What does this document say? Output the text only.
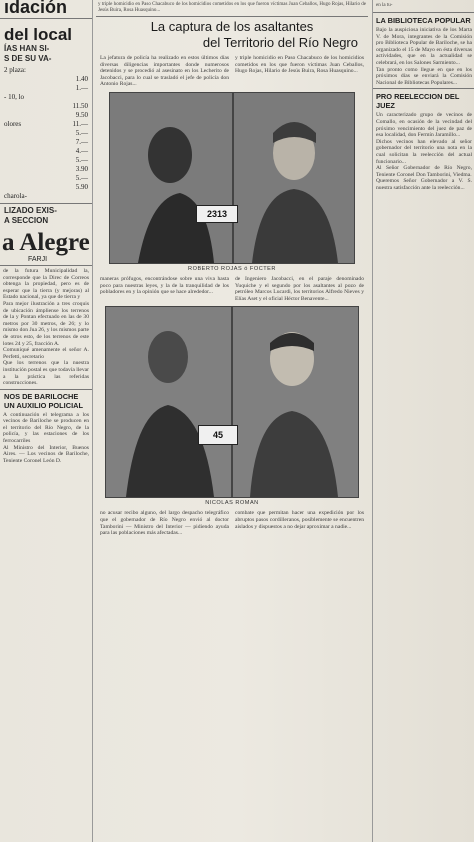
ıdación
del local
ÍAS HAN SI-
S DE SU VA-
2 plaza:
1.40
1.—
- 10, lo
11.50
9.50
olores	11.—
5.—
7.—
4.—
5.—
3.90
5.—
5.90
charola-
LIZADO EXIS-
A SECCION
a Alegre
FARJI

de la futura Municipalidad la, corresponde que la Direc de Correos obtenga la propiedad, pero es de esperar que la tierra (y mejoras) al Estado nacional, ya que de tierra y

Para mejor ilustración a tres croquis de ubicación ámpliense los terrenos de la y Pontan efectuado en las de 30 metros por 30 metros, de 26; y lo mismo don Jua 26, y los mismos parte de otros esto, de los terrenos de este lotes 24 y 25, fracción A.

Comuniqué amenamente el señor A. Perfetti, secretario

Que los terrenos que la nuestra institución postal es que todavía llevar a la práctica las referidas construcciones.

NOS DE BARILOCHE UN AUXILIO POLICIAL

A continuación el telegrama a los vecinos de Bariloche se producen en el territorio del Río Negro, de la policía, y las estaciones de los ferrocarriles

Al Ministro del Interior, Buenos Aires. — Los vecinos de Bariloche, Teniente Coronel León D.

y triple homicidio en Paso Chacabuco de los homicidios cometidos en los que fueron víctimas Juan Ceballos, Hugo Rojas, Hilario de Jesús Buira, Rosa Huasquino...

La captura de los asaltantes
del Territorio del Río Negro

La jefatura de policía ha realizado en estos últimos días diversas diligencias importantes donde numerosos detenidos y se procedió al asesinato en los Lecherito de Jacobacci, para lo cual se trasladó el jefe de policía don Antonio Rojas...

y triple homicidio en Paso Chacabuco de los homicidios cometidos en los que fueron víctimas Juan Ceballos, Hugo Rojas, Hilario de Jesús Buira, Rosa Huasquino...

2313
ROBERTO ROJAS ó FOCTER

maneras prófugos, encontrándose sobre una viva hasta poco para nuestras leyes, y la de la tranquilidad de los pobladores en y la opinión que se hace alrededor...

de Ingeniero Jacobacci, en el paraje denominado Yuquiche y el segundo por los asaltantes al pozo de petróleo Marcos Lucardi, los territorios Alfredo Nieves y Elías Aset y el oficial Héctor Benavente...

45
NICOLAS ROMAN

no acusar recibo alguno, del largo despacho telegráfico que el gobernador de Río Negro envió al doctor Tamborini — Ministro del Interior — pidiendo ayuda para las poblaciones más afectadas...

combate que permitan hacer una expedición por los abruptos pasos cordilleranos, posiblemente se encuentren aislados y dispuestos a no dejar aproximar a nadie...

en la tu-
LA BIBLIOTECA POPULAR

Bajo la auspiciosa iniciativa de los Marta V. de Mora, integrantes de la Comisión pro Biblioteca Popular de Bariloche, se ha organizado el 15 de Mayo en ésta diversas actividades, que en la actualidad se celebrará, en los Salones Sarmiento...

Tan pronto como llegue en que en los próximos días se enviará la Comisión Nacional de Bibliotecas Populares...

PRO REELECCION DEL JUEZ

Un caracterizado grupo de vecinos de Comallo, en ocasión de la vecindad del próximo vencimiento del juez de paz de esa localidad, don Fermín Jaramillo...

Dichos vecinos han elevado al señor gobernador del territorio una nota en la cual solicitan la reelección del actual funcionario...

Al Señor Gobernador de Río Negro, Teniente Coronel Don Tamborini, Viedma.

Queremos Señor Gobernador a V. S. nuestra satisfacción ante la reelección...
